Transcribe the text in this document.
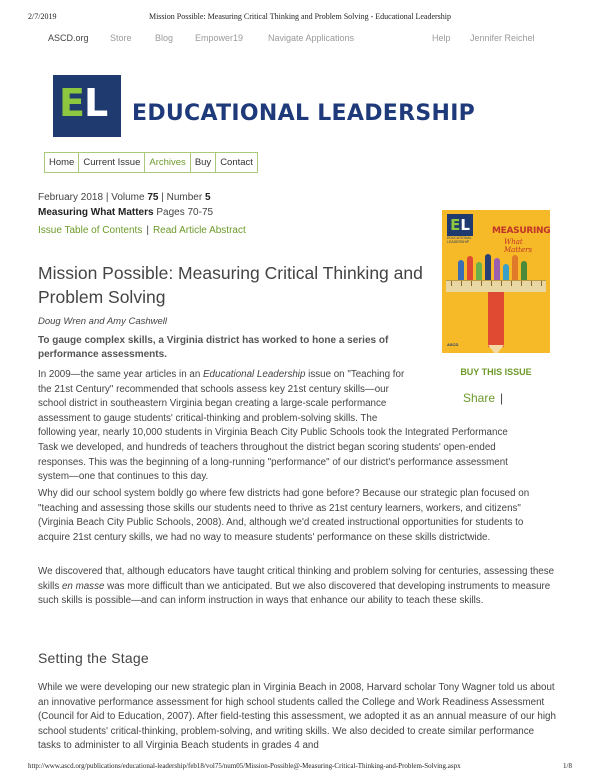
2/7/2019	Mission Possible: Measuring Critical Thinking and Problem Solving - Educational Leadership
ASCD.org Store	Blog Empower19	Navigate Applications	Help Jennifer Reichel
EL EDUCATIONAL LEADERSHIP
Home Current Issue Archives Buy Contact
February 2018 | Volume 75 | Number 5
Measuring What Matters Pages 70-75
Issue Table of Contents | Read Article Abstract	EL
EDUCATIONAL LEADERSHIP
MEASURING
What Matters
ASCD
BUY THIS ISSUE
Share |
Mission Possible: Measuring Critical Thinking and Problem Solving
Doug Wren and Amy Cashwell
To gauge complex skills, a Virginia district has worked to hone a series of performance assessments.
In 2009—the same year articles in an Educational Leadership issue on "Teaching for
the 21st Century" recommended that schools assess key 21st century skills—our
school district in southeastern Virginia began creating a large-scale performance
assessment to gauge students' critical-thinking and problem-solving skills. The
following year, nearly 10,000 students in Virginia Beach City Public Schools took the Integrated Performance
Task we developed, and hundreds of teachers throughout the district began scoring students' open-ended
responses. This was the beginning of a long-running "performance" of our district's performance assessment
system—one that continues to this day.

Why did our school system boldly go where few districts had gone before? Because our strategic plan focused on "teaching and assessing those skills our students need to thrive as 21st century learners, workers, and citizens" (Virginia Beach City Public Schools, 2008). And, although we'd created instructional opportunities for students to acquire 21st century skills, we had no way to measure students' performance on these skills districtwide.

We discovered that, although educators have taught critical thinking and problem solving for centuries, assessing these skills en masse was more difficult than we anticipated. But we also discovered that developing instruments to measure such skills is possible—and can inform instruction in ways that enhance our ability to teach these skills.

Setting the Stage

While we were developing our new strategic plan in Virginia Beach in 2008, Harvard scholar Tony Wagner told us about an innovative performance assessment for high school students called the College and Work Readiness Assessment (Council for Aid to Education, 2007). After field-testing this assessment, we adopted it as an annual measure of our high school students' critical-thinking, problem-solving, and writing skills. We also decided to create similar performance tasks to administer to all Virginia Beach students in grades 4 and

http://www.ascd.org/publications/educational-leadership/feb18/vol75/num05/Mission-Possible@-Measuring-Critical-Thinking-and-Problem-Solving.aspx	1/8
